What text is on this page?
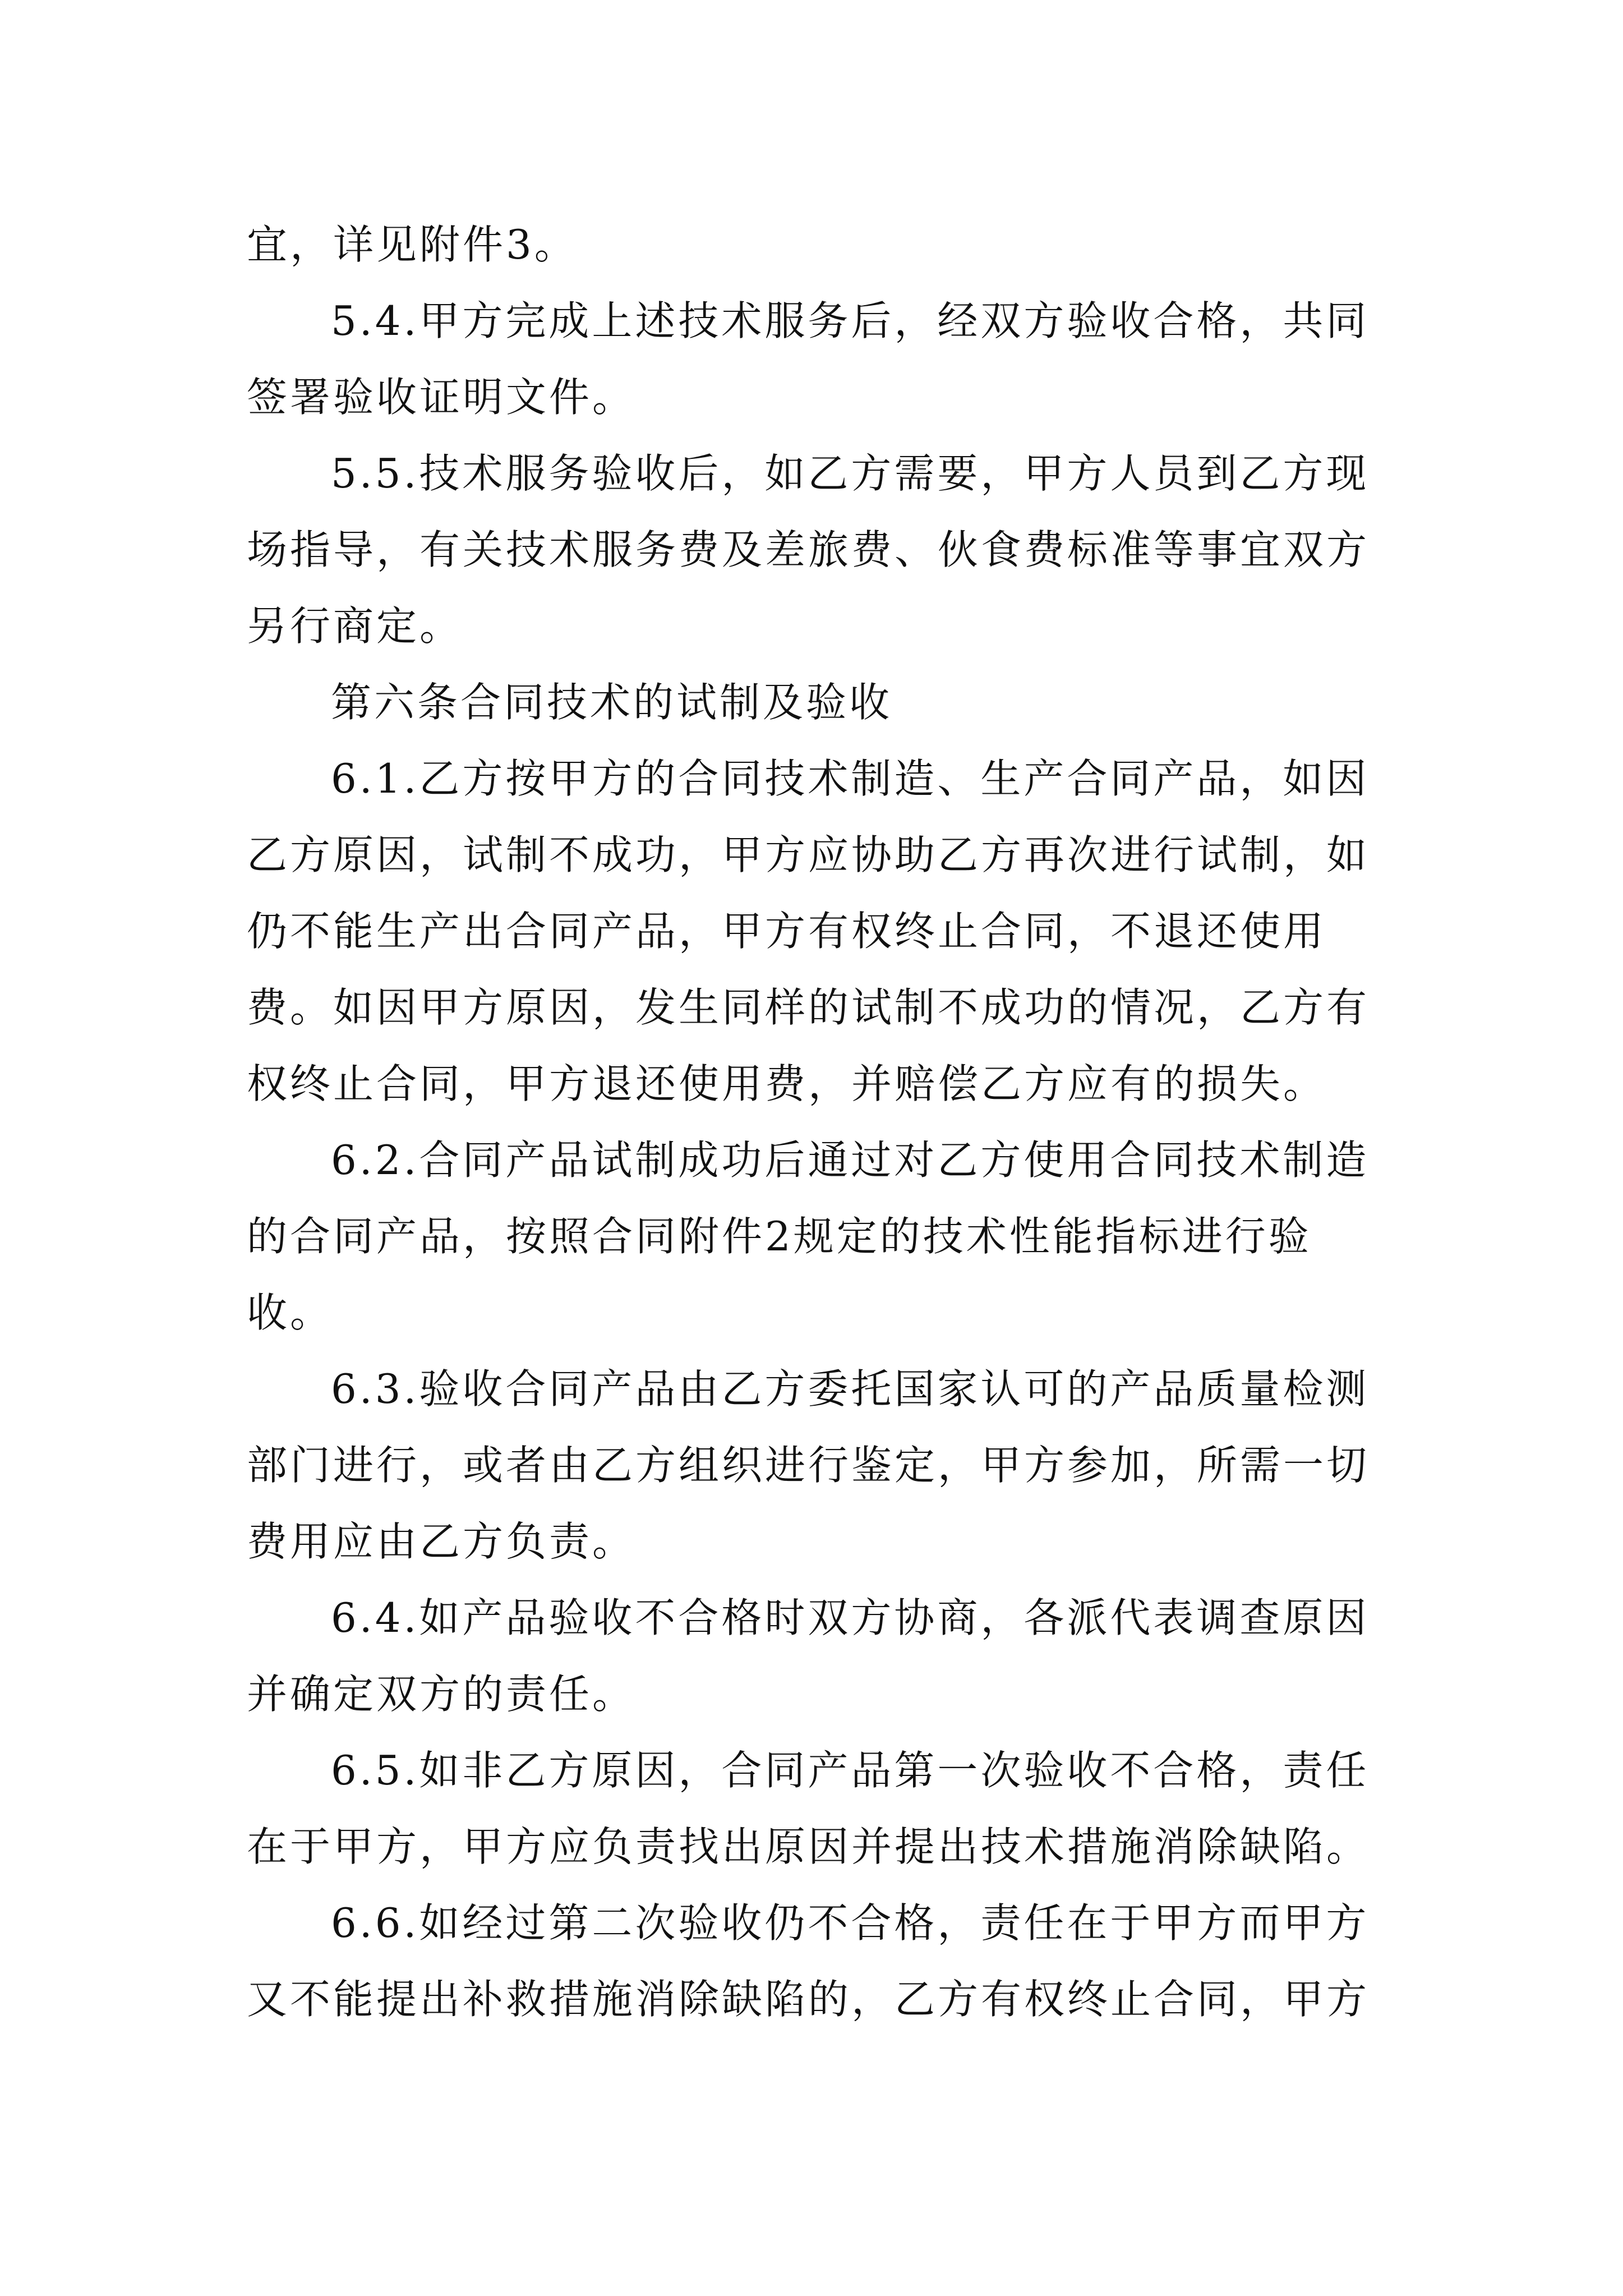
宜，详见附件3。

5.4.甲方完成上述技术服务后，经双方验收合格，共同签署验收证明文件。

5.5.技术服务验收后，如乙方需要，甲方人员到乙方现场指导，有关技术服务费及差旅费、伙食费标准等事宜双方另行商定。

第六条合同技术的试制及验收

6.1.乙方按甲方的合同技术制造、生产合同产品，如因乙方原因，试制不成功，甲方应协助乙方再次进行试制，如仍不能生产出合同产品，甲方有权终止合同，不退还使用费。如因甲方原因，发生同样的试制不成功的情况，乙方有权终止合同，甲方退还使用费，并赔偿乙方应有的损失。

6.2.合同产品试制成功后通过对乙方使用合同技术制造的合同产品，按照合同附件2规定的技术性能指标进行验收。

6.3.验收合同产品由乙方委托国家认可的产品质量检测部门进行，或者由乙方组织进行鉴定，甲方参加，所需一切费用应由乙方负责。

6.4.如产品验收不合格时双方协商，各派代表调查原因并确定双方的责任。

6.5.如非乙方原因，合同产品第一次验收不合格，责任在于甲方，甲方应负责找出原因并提出技术措施消除缺陷。

6.6.如经过第二次验收仍不合格，责任在于甲方而甲方又不能提出补救措施消除缺陷的，乙方有权终止合同，甲方
